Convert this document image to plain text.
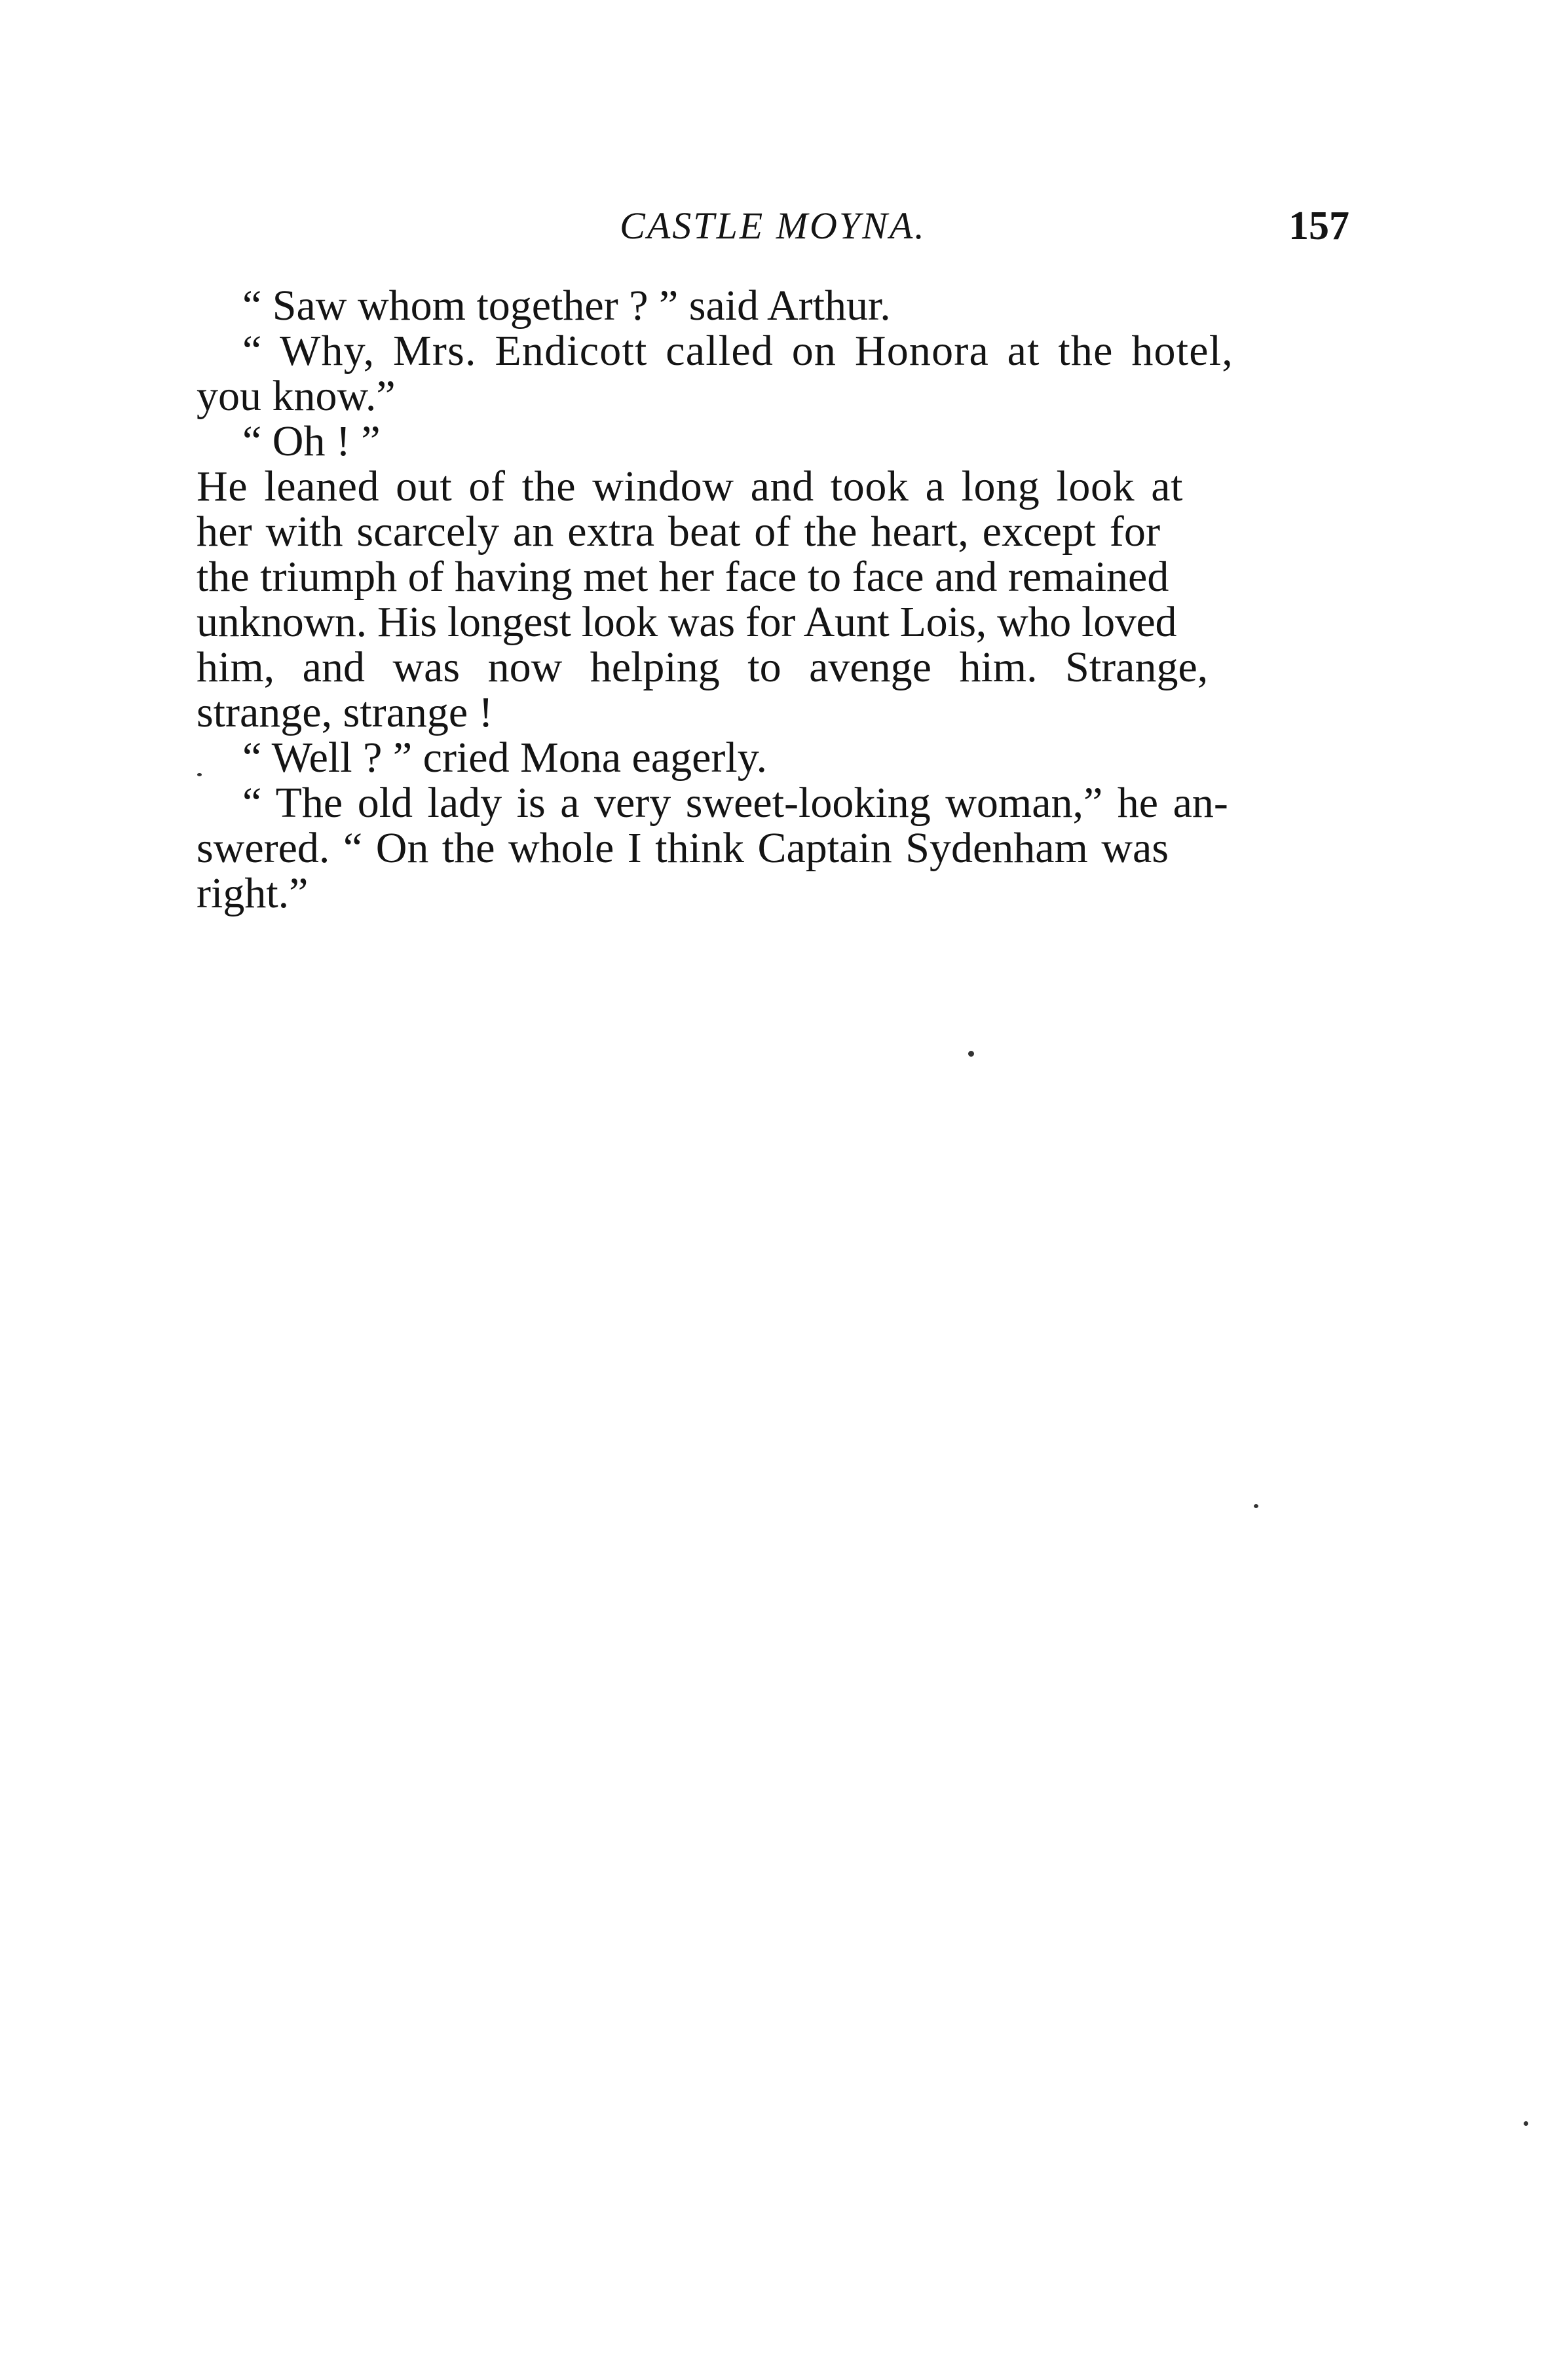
CASTLE MOYNA.	157
“ Saw whom together ? ” said Arthur.
“ Why, Mrs. Endicott called on Honora at the hotel,
you know.”
“ Oh ! ”
He leaned out of the window and took a long look at
her with scarcely an extra beat of the heart, except for
the triumph of having met her face to face and remained
unknown. His longest look was for Aunt Lois, who loved
him, and was now helping to avenge him. Strange,
strange, strange !
“ Well ? ” cried Mona eagerly.
“ The old lady is a very sweet-looking woman,” he an-
swered. “ On the whole I think Captain Sydenham was
right.”
